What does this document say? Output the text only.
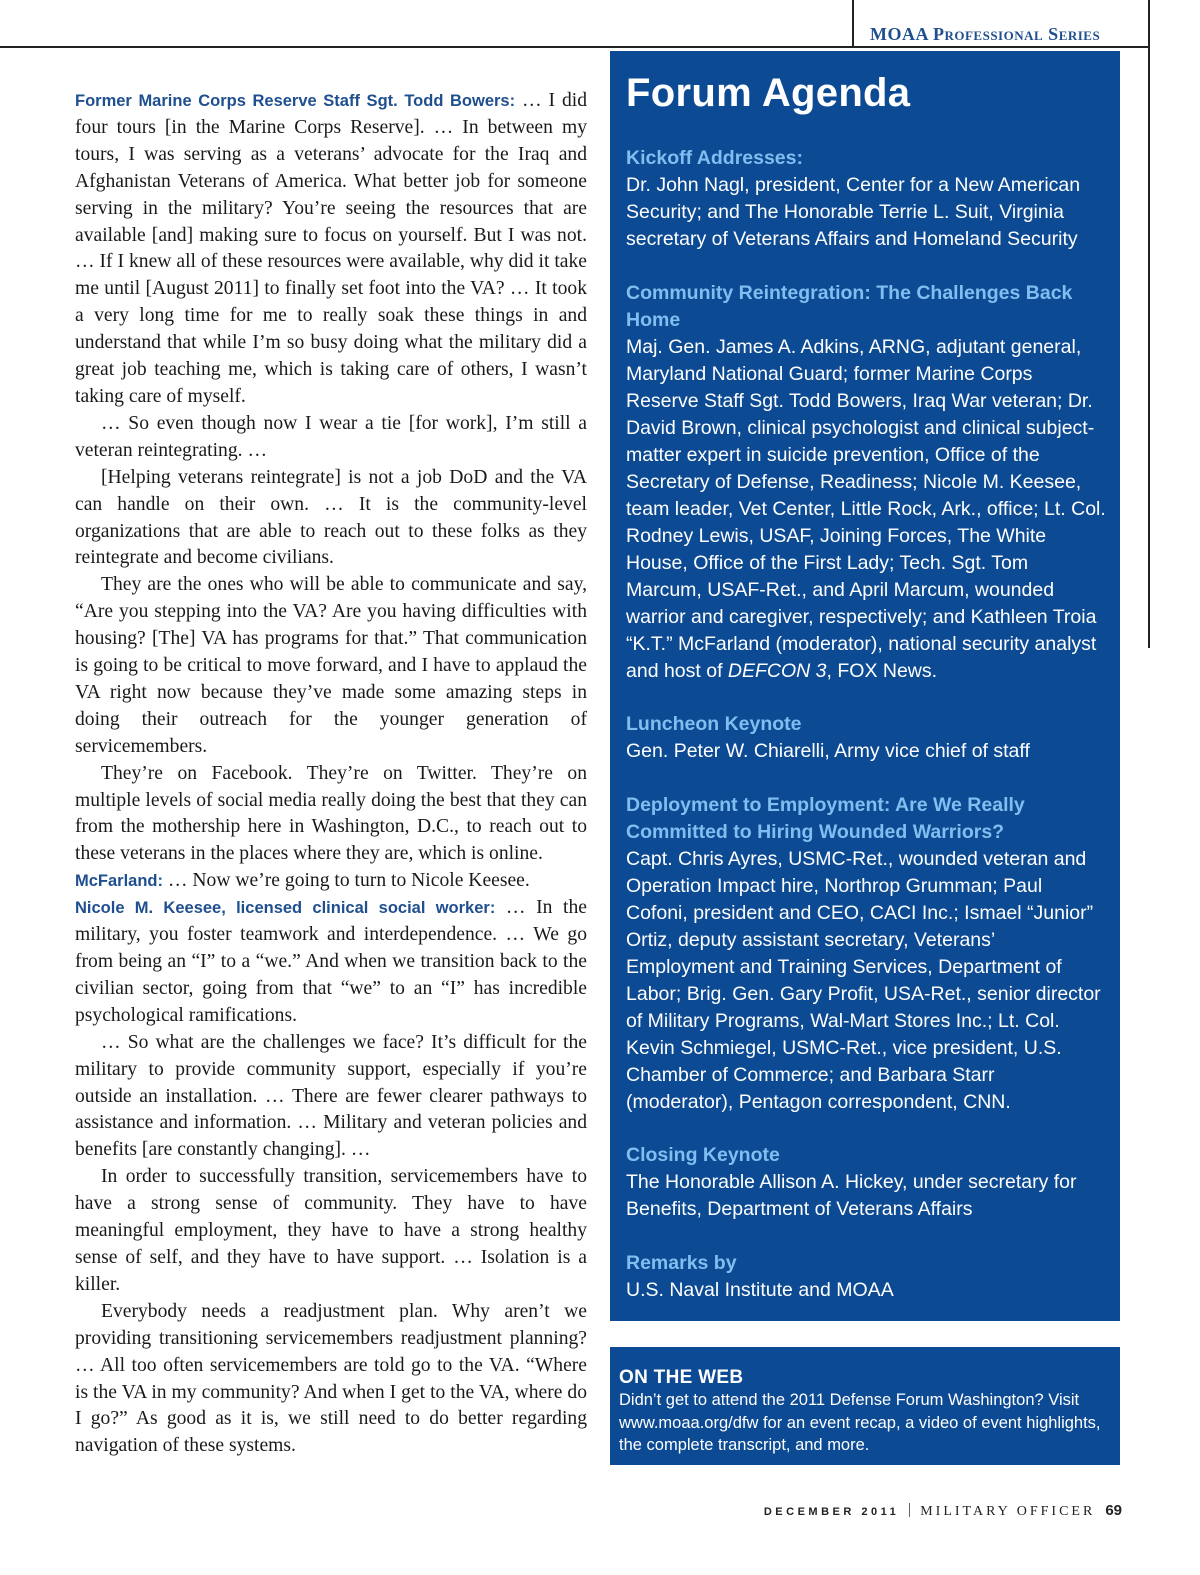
MOAA Professional Series

Former Marine Corps Reserve Staff Sgt. Todd Bowers: … I did four tours [in the Marine Corps Reserve]. … In between my tours, I was serving as a veterans’ advocate for the Iraq and Afghanistan Veterans of America. What better job for someone serving in the military? You’re seeing the resources that are available [and] making sure to focus on yourself. But I was not. … If I knew all of these resources were available, why did it take me until [August 2011] to finally set foot into the VA? … It took a very long time for me to really soak these things in and understand that while I’m so busy doing what the military did a great job teaching me, which is taking care of others, I wasn’t taking care of myself.

… So even though now I wear a tie [for work], I’m still a veteran reintegrating. …

[Helping veterans reintegrate] is not a job DoD and the VA can handle on their own. … It is the community-level organizations that are able to reach out to these folks as they reintegrate and become civilians.

They are the ones who will be able to communicate and say, “Are you stepping into the VA? Are you having difficulties with housing? [The] VA has programs for that.” That communication is going to be critical to move forward, and I have to applaud the VA right now because they’ve made some amazing steps in doing their outreach for the younger generation of servicemembers.

They’re on Facebook. They’re on Twitter. They’re on multiple levels of social media really doing the best that they can from the mothership here in Washington, D.C., to reach out to these veterans in the places where they are, which is online.

McFarland: … Now we’re going to turn to Nicole Keesee.

Nicole M. Keesee, licensed clinical social worker: … In the military, you foster teamwork and interdependence. … We go from being an “I” to a “we.” And when we transition back to the civilian sector, going from that “we” to an “I” has incredible psychological ramifications.

… So what are the challenges we face? It’s difficult for the military to provide community support, especially if you’re outside an installation. … There are fewer clearer pathways to assistance and information. … Military and veteran policies and benefits [are constantly changing]. …

In order to successfully transition, servicemembers have to have a strong sense of community. They have to have meaningful employment, they have to have a strong healthy sense of self, and they have to have support. … Isolation is a killer.

Everybody needs a readjustment plan. Why aren’t we providing transitioning servicemembers readjustment planning? … All too often servicemembers are told go to the VA. “Where is the VA in my community? And when I get to the VA, where do I go?” As good as it is, we still need to do better regarding navigation of these systems.

Forum Agenda
Kickoff Addresses:
Dr. John Nagl, president, Center for a New American Security; and The Honorable Terrie L. Suit, Virginia secretary of Veterans Affairs and Homeland Security
Community Reintegration: The Challenges Back Home
Maj. Gen. James A. Adkins, ARNG, adjutant general, Maryland National Guard; former Marine Corps Reserve Staff Sgt. Todd Bowers, Iraq War veteran; Dr. David Brown, clinical psychologist and clinical subject-matter expert in suicide prevention, Office of the Secretary of Defense, Readiness; Nicole M. Keesee, team leader, Vet Center, Little Rock, Ark., office; Lt. Col. Rodney Lewis, USAF, Joining Forces, The White House, Office of the First Lady; Tech. Sgt. Tom Marcum, USAF-Ret., and April Marcum, wounded warrior and caregiver, respectively; and Kathleen Troia “K.T.” McFarland (moderator), national security analyst and host of DEFCON 3, FOX News.
Luncheon Keynote
Gen. Peter W. Chiarelli, Army vice chief of staff
Deployment to Employment: Are We Really Committed to Hiring Wounded Warriors?
Capt. Chris Ayres, USMC-Ret., wounded veteran and Operation Impact hire, Northrop Grumman; Paul Cofoni, president and CEO, CACI Inc.; Ismael “Junior” Ortiz, deputy assistant secretary, Veterans’ Employment and Training Services, Department of Labor; Brig. Gen. Gary Profit, USA-Ret., senior director of Military Programs, Wal-Mart Stores Inc.; Lt. Col. Kevin Schmiegel, USMC-Ret., vice president, U.S. Chamber of Commerce; and Barbara Starr (moderator), Pentagon correspondent, CNN.
Closing Keynote
The Honorable Allison A. Hickey, under secretary for Benefits, Department of Veterans Affairs
Remarks by
U.S. Naval Institute and MOAA
ON THE WEB
Didn’t get to attend the 2011 Defense Forum Washington? Visit www.moaa.org/dfw for an event recap, a video of event highlights, the complete transcript, and more.
DECEMBER 2011 MILITARY OFFICER 69
